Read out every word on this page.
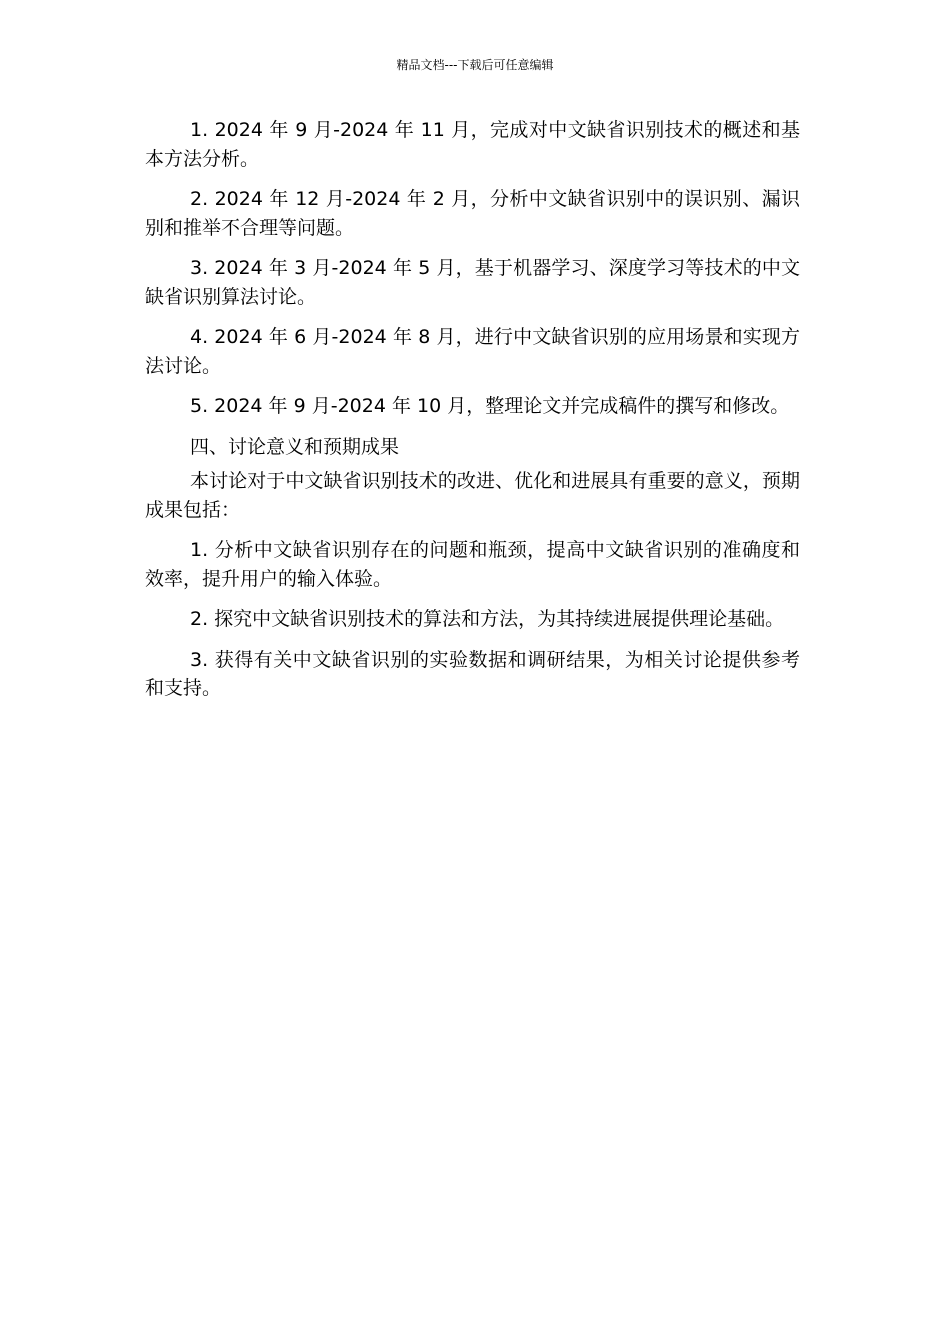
精品文档---下载后可任意编辑

1. 2024 年 9 月-2024 年 11 月，完成对中文缺省识别技术的概述和基本方法分析。

2. 2024 年 12 月-2024 年 2 月，分析中文缺省识别中的误识别、漏识别和推举不合理等问题。

3. 2024 年 3 月-2024 年 5 月，基于机器学习、深度学习等技术的中文缺省识别算法讨论。

4. 2024 年 6 月-2024 年 8 月，进行中文缺省识别的应用场景和实现方法讨论。

5. 2024 年 9 月-2024 年 10 月，整理论文并完成稿件的撰写和修改。

四、讨论意义和预期成果

本讨论对于中文缺省识别技术的改进、优化和进展具有重要的意义，预期成果包括：

1. 分析中文缺省识别存在的问题和瓶颈，提高中文缺省识别的准确度和效率，提升用户的输入体验。

2. 探究中文缺省识别技术的算法和方法，为其持续进展提供理论基础。

3. 获得有关中文缺省识别的实验数据和调研结果，为相关讨论提供参考和支持。
